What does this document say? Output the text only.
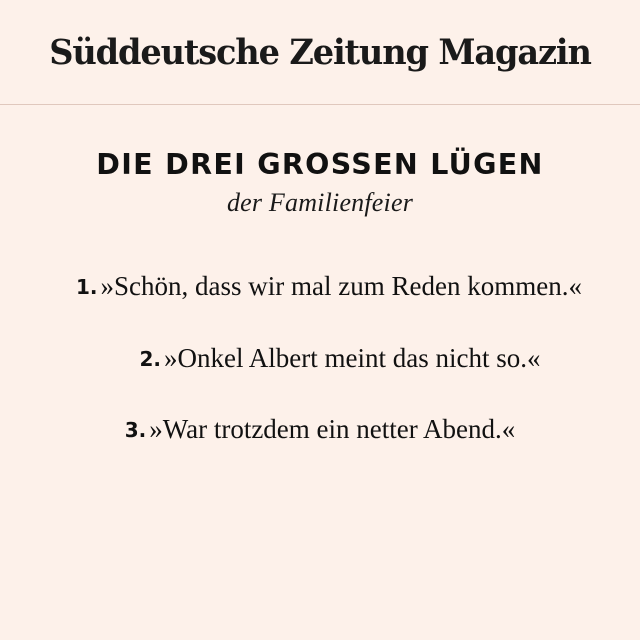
Süddeutsche Zeitung Magazin
DIE DREI GROSSEN LÜGEN
der Familienfeier
1. »Schön, dass wir mal zum Reden kommen.«
2. »Onkel Albert meint das nicht so.«
3. »War trotzdem ein netter Abend.«
